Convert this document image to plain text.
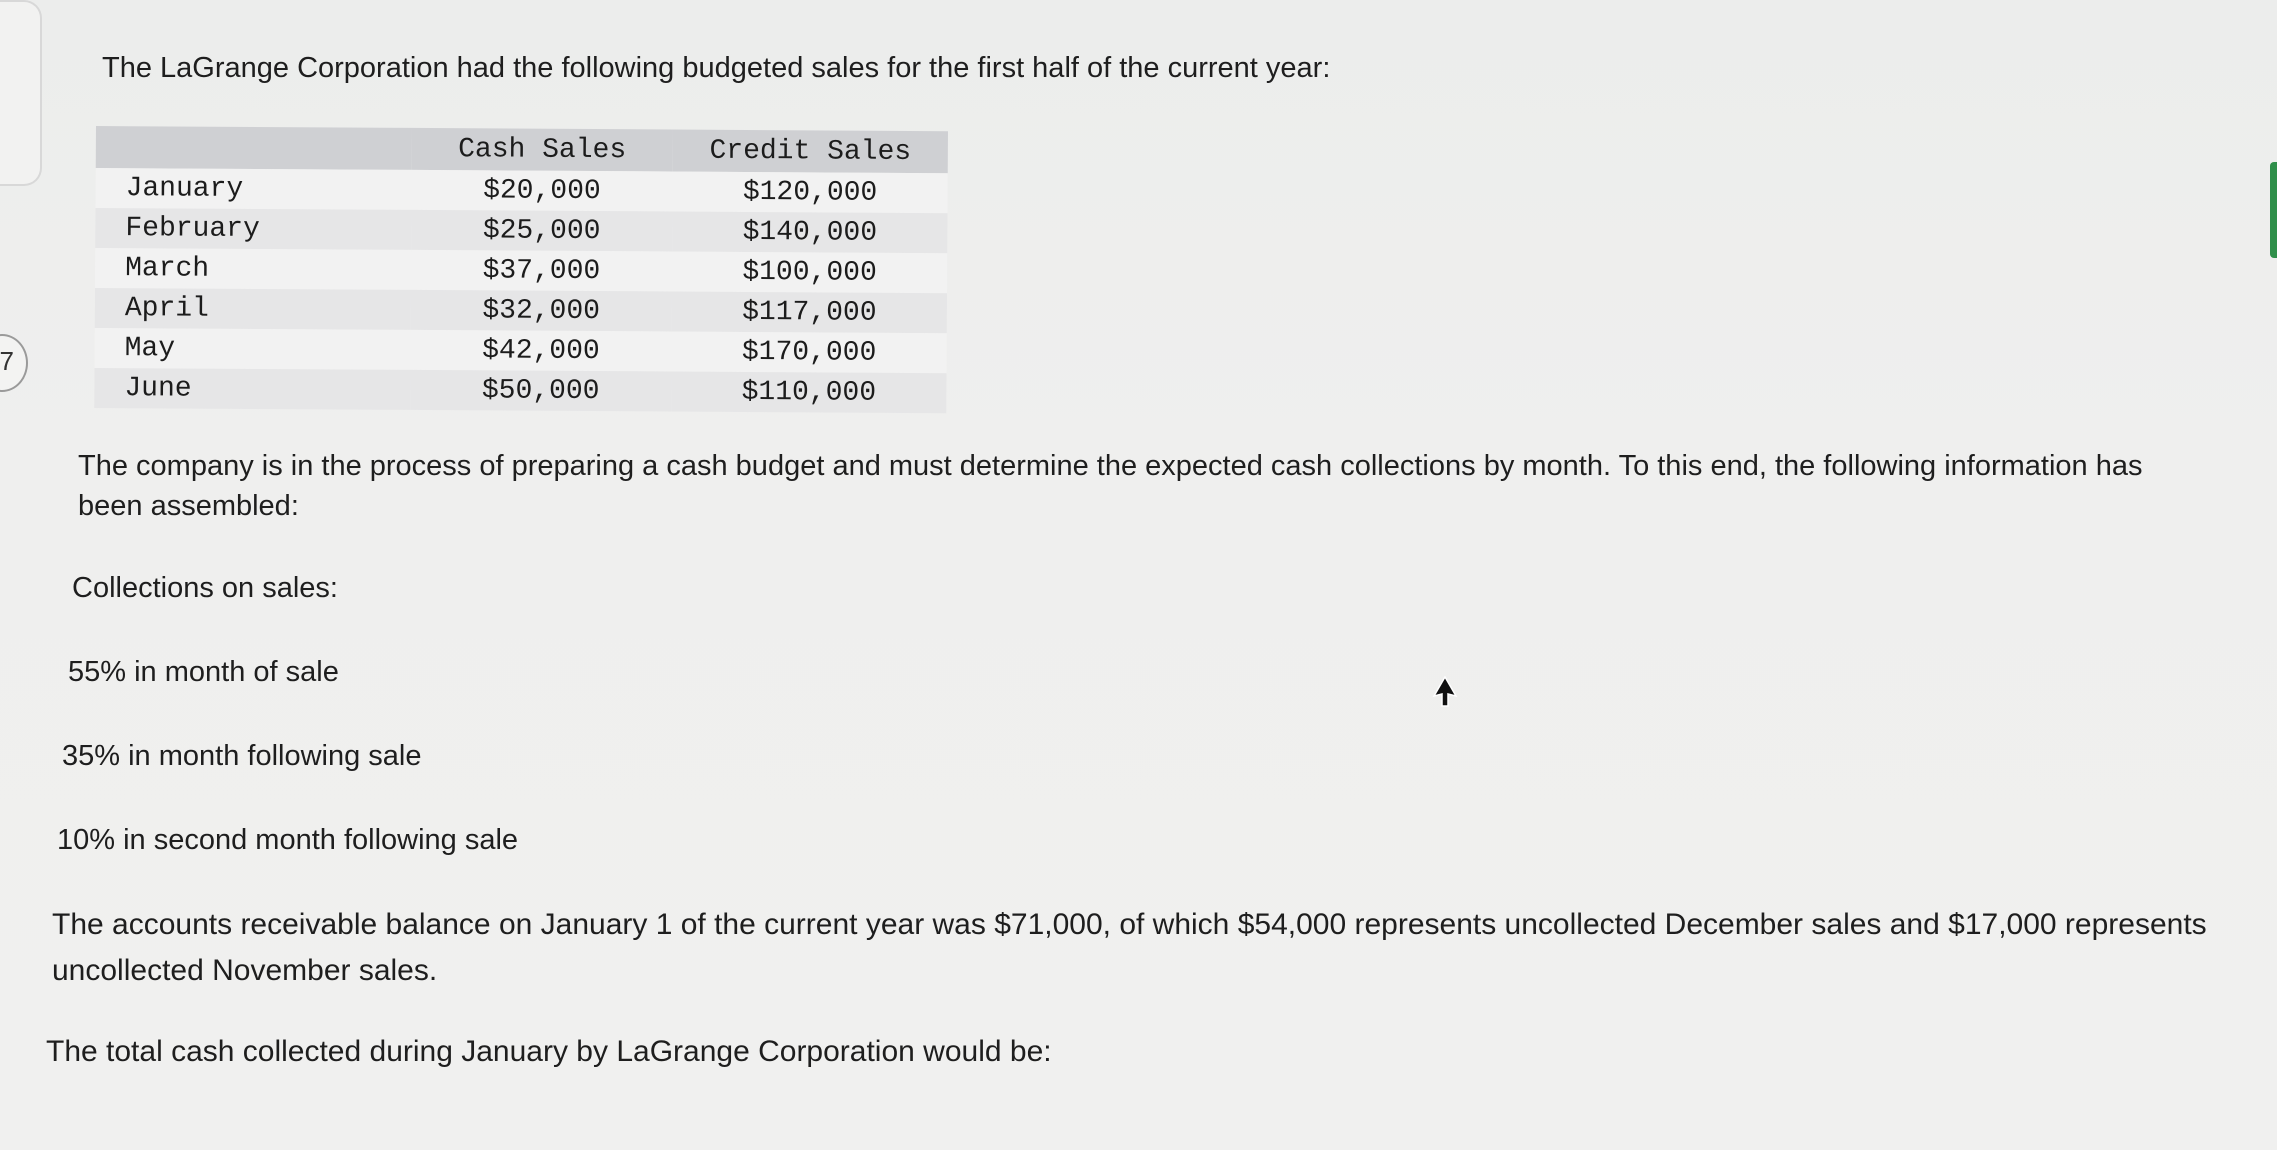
7

The LaGrange Corporation had the following budgeted sales for the first half of the current year:

	Cash Sales	Credit Sales
January	$20,000	$120,000
February	$25,000	$140,000
March	$37,000	$100,000
April	$32,000	$117,000
May	$42,000	$170,000
June	$50,000	$110,000

The company is in the process of preparing a cash budget and must determine the expected cash collections by month. To this end, the following information has been assembled:

Collections on sales:

55% in month of sale

35% in month following sale

10% in second month following sale

The accounts receivable balance on January 1 of the current year was $71,000, of which $54,000 represents uncollected December sales and $17,000 represents uncollected November sales.

The total cash collected during January by LaGrange Corporation would be:
